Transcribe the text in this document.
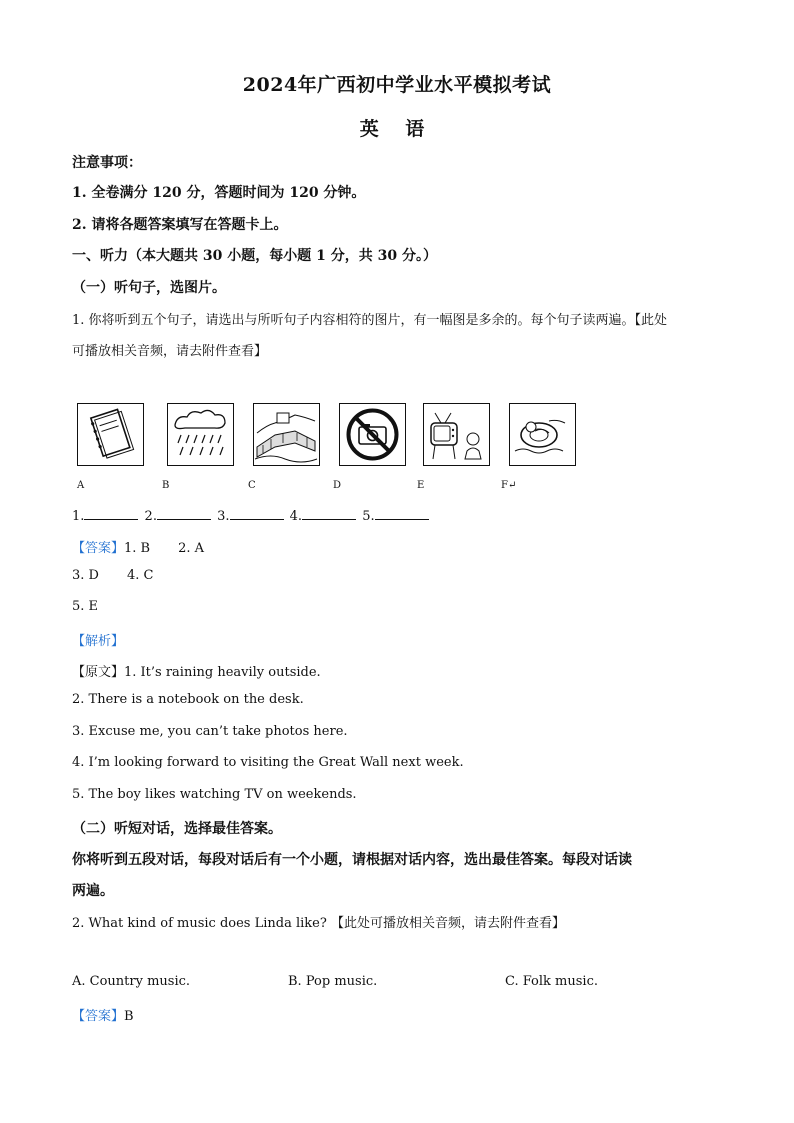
2024年广西初中学业水平模拟考试
英 语
注意事项：
1. 全卷满分 120 分，答题时间为 120 分钟。
2. 请将各题答案填写在答题卡上。
一、听力（本大题共 30 小题，每小题 1 分，共 30 分。）
（一）听句子，选图片。
1. 你将听到五个句子，请选出与所听句子内容相符的图片，有一幅图是多余的。每个句子读两遍。【此处
可播放相关音频，请去附件查看】
A	B	C	D	E	F↵
1.	2.	3.	4.	5.
【答案】1. B 2. A
3. D 4. C
5. E
【解析】
【原文】1. It’s raining heavily outside.
2. There is a notebook on the desk.
3. Excuse me, you can’t take photos here.
4. I’m looking forward to visiting the Great Wall next week.
5. The boy likes watching TV on weekends.
（二）听短对话，选择最佳答案。
你将听到五段对话，每段对话后有一个小题，请根据对话内容，选出最佳答案。每段对话读
两遍。
2. What kind of music does Linda like? 【此处可播放相关音频，请去附件查看】
A. Country music.	B. Pop music.	C. Folk music.
【答案】B
